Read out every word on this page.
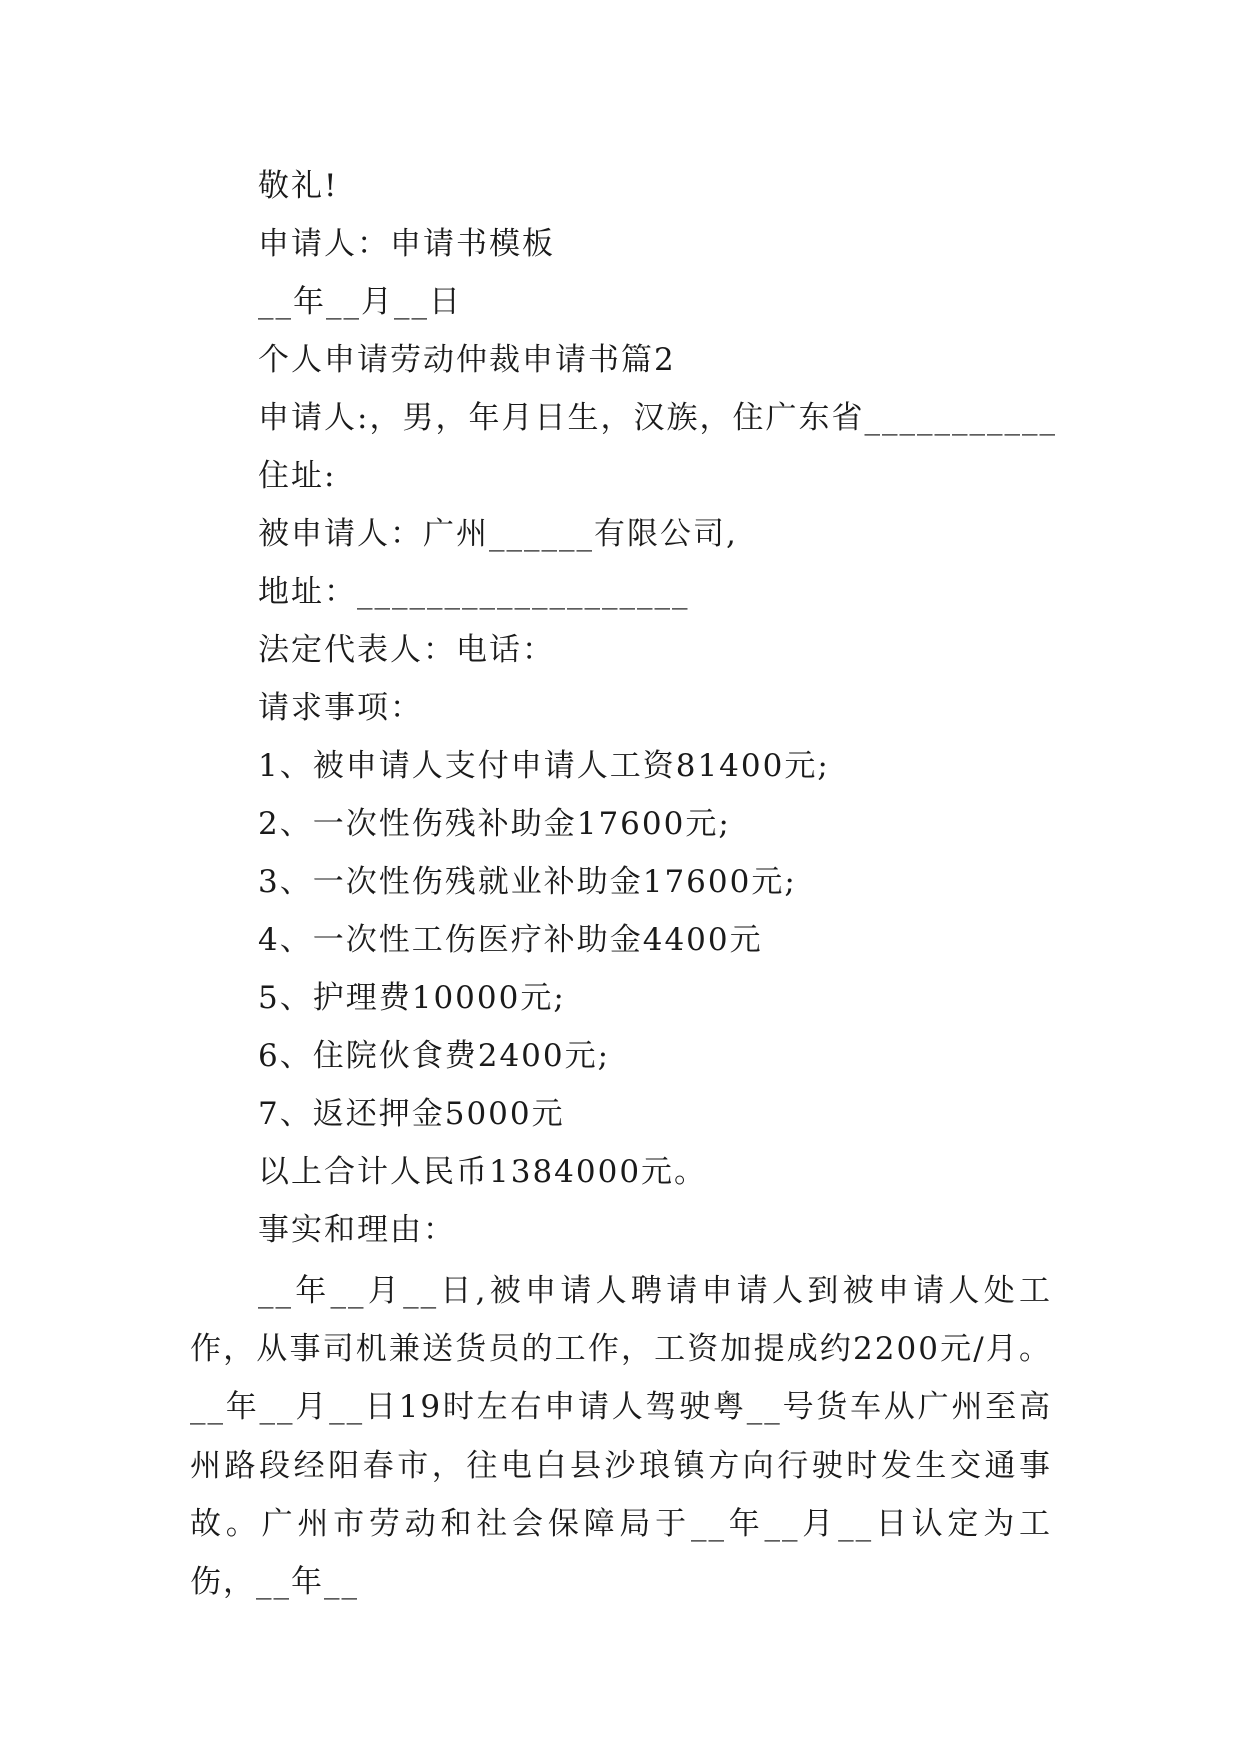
敬礼!
申请人：申请书模板
__年__月__日
个人申请劳动仲裁申请书篇2
申请人:，男，年月日生，汉族，住广东省___________
住址:
被申请人：广州______有限公司,
地址：___________________
法定代表人：电话：
请求事项：
1、被申请人支付申请人工资81400元;
2、一次性伤残补助金17600元;
3、一次性伤残就业补助金17600元;
4、一次性工伤医疗补助金4400元
5、护理费10000元;
6、住院伙食费2400元;
7、返还押金5000元
以上合计人民币1384000元。
事实和理由：
__年__月__日,被申请人聘请申请人到被申请人处工作，从事司机兼送货员的工作，工资加提成约2200元/月。__年__月__日19时左右申请人驾驶粤__号货车从广州至高州路段经阳春市，往电白县沙琅镇方向行驶时发生交通事故。广州市劳动和社会保障局于__年__月__日认定为工伤，__年__
